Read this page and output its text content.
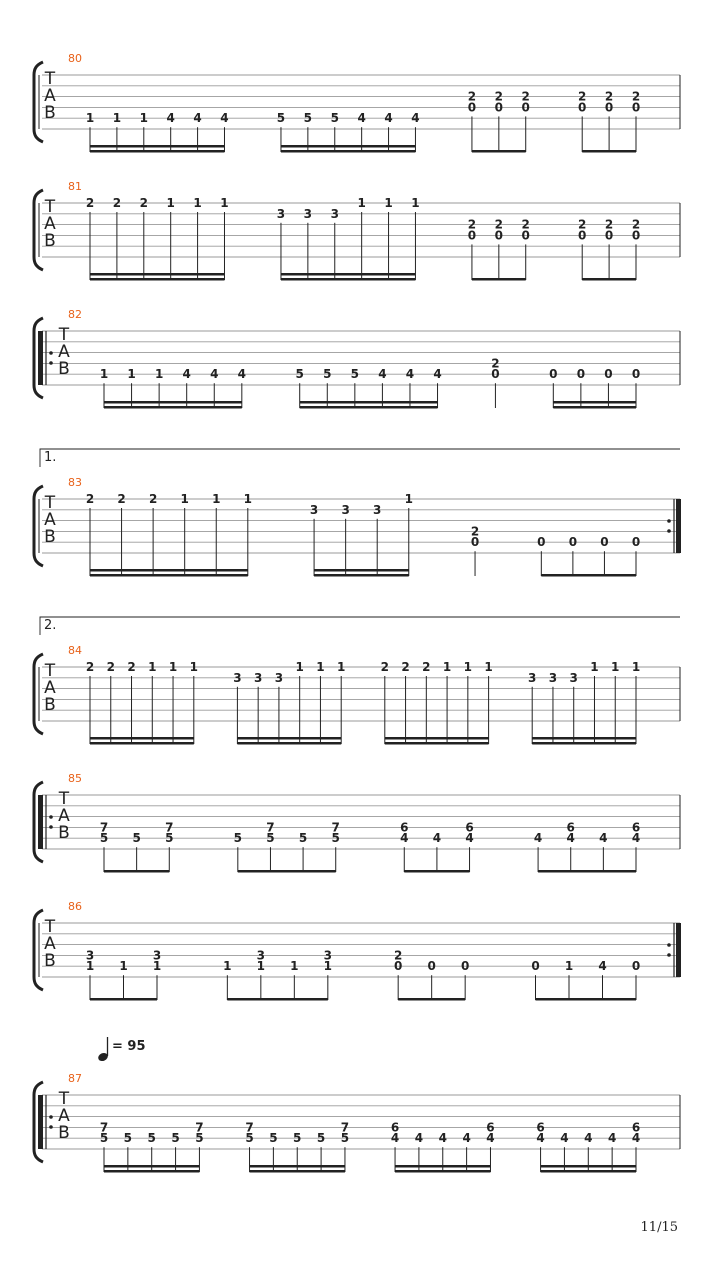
T
A
B
80
1 1 1 4 4 4	5 5 5 4 4 4
2
0
2
0
2
0
2
0
2
0
2
0
T
A
B
81
2 2 2 1 1 1
3 3 3
1 1 1
2
0
2
0
2
0
2
0
2
0
2
0
T
A
B
82
1 1 1 4 4 4	5 5 5 4 4 4
2
0	0 0 0 0
T
A
B
83
1.
2 2 2 1 1 1
3 3 3
1
2
0	0 0 0 0
T
A
B
84
2.
2 2 2 1 1 1
3 3 3
1 1 1	2 2 2 1 1 1
3 3 3
1 1 1
T
A
B
85
7
5 5
7
5	5
7
5 5
7
5
6
4 4
6
4	4
6
4 4
6
4
T
A
B
86
3
1 1
3
1	1
3
1 1
3
1
2
0 0 0	0 1 4 0
T
A
B
87
= 95
7
5 5 5 5
7
5
7
5 5 5 5
7
5
6
4 4 4 4
6
4
6
4 4 4 4
6
4
11/15
